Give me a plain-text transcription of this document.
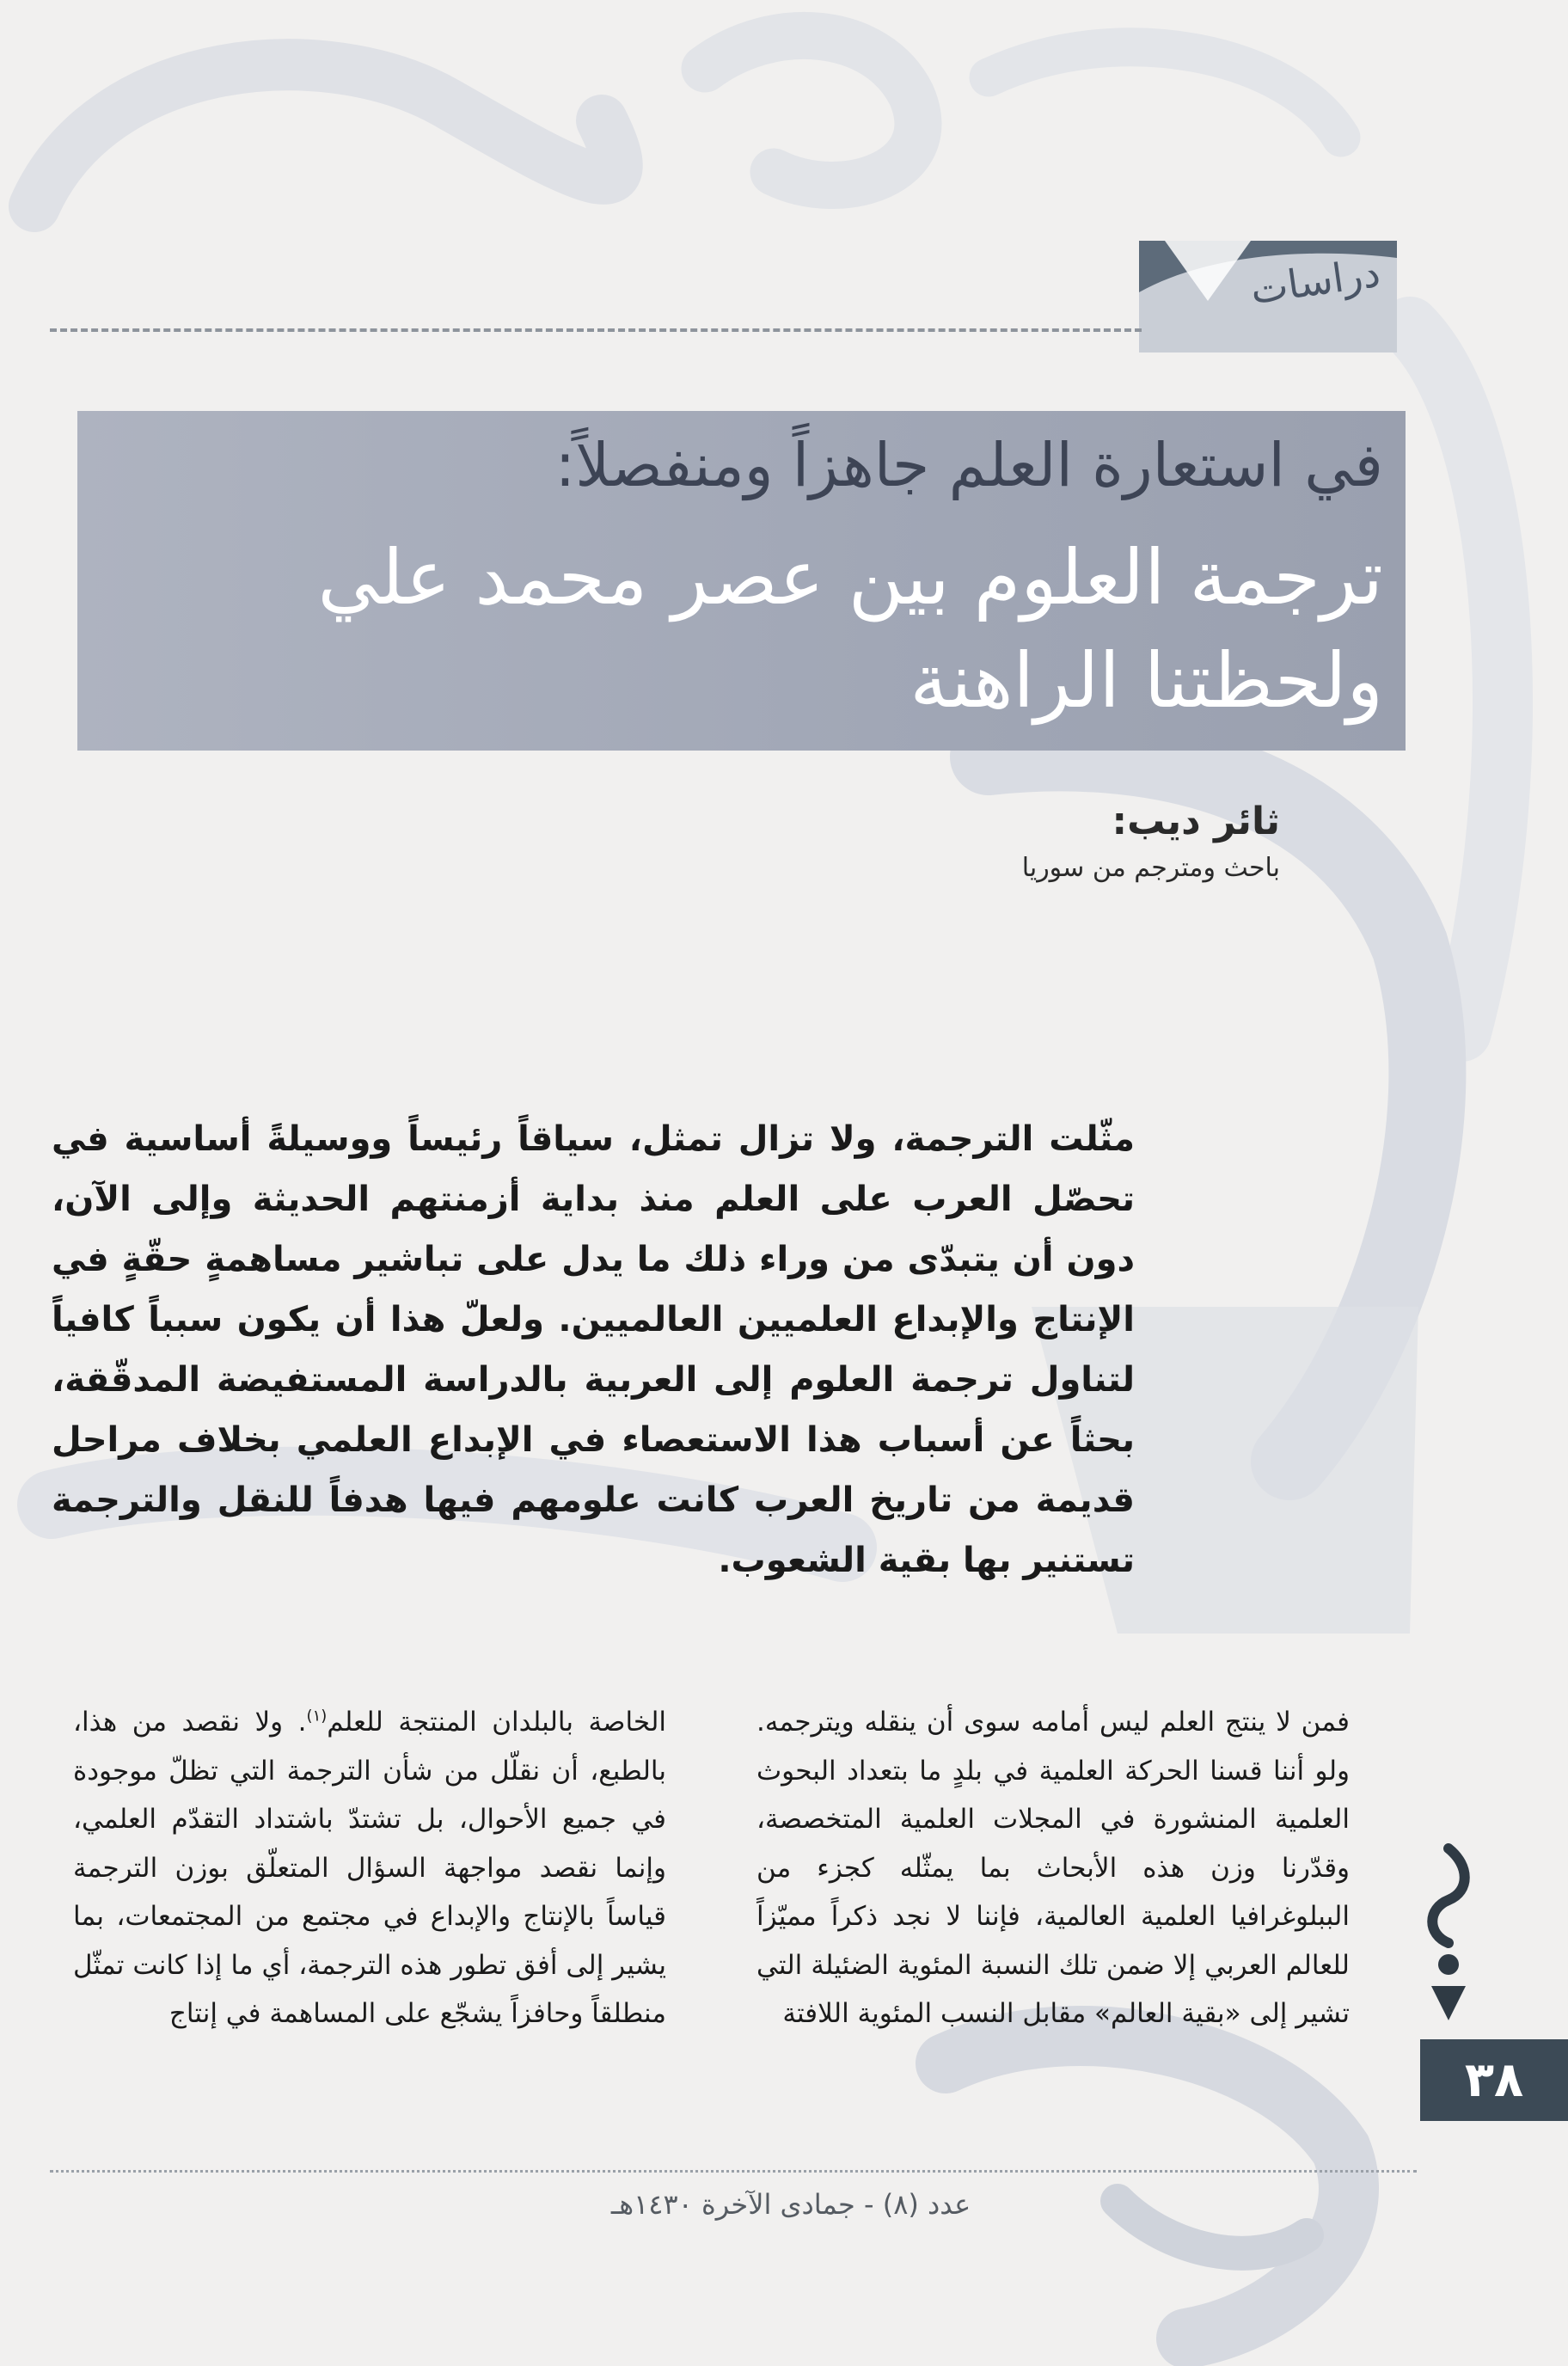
دراسات
في استعارة العلم جاهزاً ومنفصلاً:
ترجمة العلوم بين عصر محمد علي
ولحظتنا الراهنة
ثائر ديب:
باحث ومترجم من سوريا
مثّلت الترجمة، ولا تزال تمثل، سياقاً رئيساً ووسيلةً أساسية في تحصّل العرب على العلم منذ بداية أزمنتهم الحديثة وإلى الآن، دون أن يتبدّى من وراء ذلك ما يدل على تباشير مساهمةٍ حقّةٍ في الإنتاج والإبداع العلميين العالميين. ولعلّ هذا أن يكون سبباً كافياً لتناول ترجمة العلوم إلى العربية بالدراسة المستفيضة المدقّقة، بحثاً عن أسباب هذا الاستعصاء في الإبداع العلمي بخلاف مراحل قديمة من تاريخ العرب كانت علومهم فيها هدفاً للنقل والترجمة تستنير بها بقية الشعوب.
فمن لا ينتج العلم ليس أمامه سوى أن ينقله ويترجمه. ولو أننا قسنا الحركة العلمية في بلدٍ ما بتعداد البحوث العلمية المنشورة في المجلات العلمية المتخصصة، وقدّرنا وزن هذه الأبحاث بما يمثّله كجزء من الببلوغرافيا العلمية العالمية، فإننا لا نجد ذكراً مميّزاً للعالم العربي إلا ضمن تلك النسبة المئوية الضئيلة التي تشير إلى «بقية العالم» مقابل النسب المئوية اللافتة
الخاصة بالبلدان المنتجة للعلم$^{(١)}$. ولا نقصد من هذا، بالطبع، أن نقلّل من شأن الترجمة التي تظلّ موجودة في جميع الأحوال، بل تشتدّ باشتداد التقدّم العلمي، وإنما نقصد مواجهة السؤال المتعلّق بوزن الترجمة قياساً بالإنتاج والإبداع في مجتمع من المجتمعات، بما يشير إلى أفق تطور هذه الترجمة، أي ما إذا كانت تمثّل منطلقاً وحافزاً يشجّع على المساهمة في إنتاج
٣٨
عدد (٨) - جمادى الآخرة ١٤٣٠هـ
